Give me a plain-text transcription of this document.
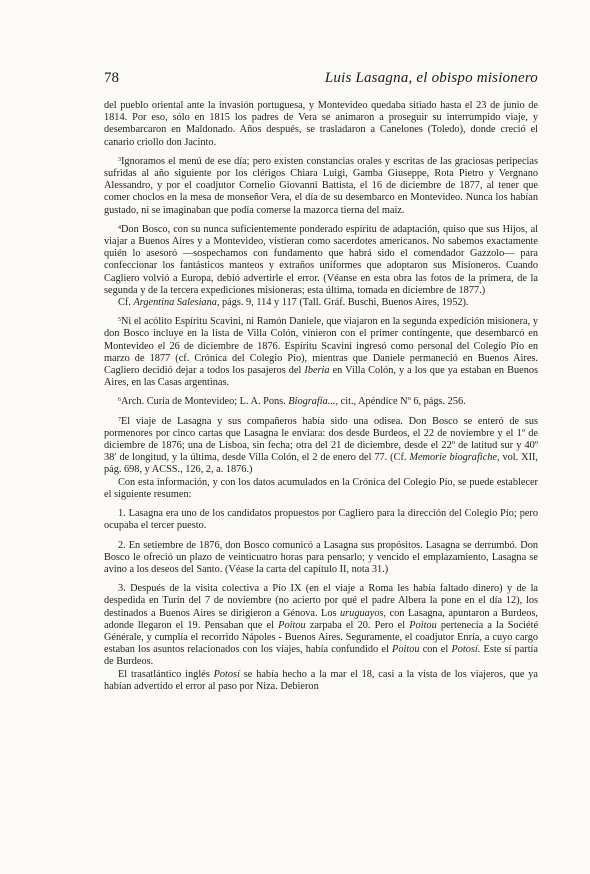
78	Luis Lasagna, el obispo misionero

del pueblo oriental ante la invasión portuguesa, y Montevideo quedaba sitiado hasta el 23 de junio de 1814. Por eso, sólo en 1815 los padres de Vera se animaron a proseguir su interrumpido viaje, y desembarcaron en Maldonado. Años después, se trasladaron a Canelones (Toledo), donde creció el canario criollo don Jacinto.

$^3$Ignoramos el menú de ese día; pero existen constancias orales y escritas de las graciosas peripecias sufridas al año siguiente por los clérigos Chiara Luigi, Gamba Giuseppe, Rota Pietro y Vergnano Alessandro, y por el coadjutor Cornelio Giovanni Battista, el 16 de diciembre de 1877, al tener que comer choclos en la mesa de monseñor Vera, el día de su desembarco en Montevideo. Nunca los habían gustado, ni se imaginaban que podía comerse la mazorca tierna del maíz.

$^4$Don Bosco, con su nunca suficientemente ponderado espíritu de adaptación, quiso que sus Hijos, al viajar a Buenos Aires y a Montevideo, vistieran como sacerdotes americanos. No sabemos exactamente quién lo asesoró —sospechamos con fundamento que habrá sido el comendador Gazzolo— para confeccionar los fantásticos manteos y extraños uniformes que adoptaron sus Misioneros. Cuando Cagliero volvió a Europa, debió advertirle el error. (Véanse en esta obra las fotos de la primera, de la segunda y de la tercera expediciones misioneras; esta última, tomada en diciembre de 1877.)

Cf. Argentina Salesiana, págs. 9, 114 y 117 (Tall. Gráf. Buschi, Buenos Aires, 1952).

$^5$Ni el acólito Espíritu Scavini, ni Ramón Daniele, que viajaron en la segunda expedición misionera, y don Bosco incluye en la lista de Villa Colón, vinieron con el primer contingente, que desembarcó en Montevideo el 26 de diciembre de 1876. Espíritu Scavini ingresó como personal del Colegio Pío en marzo de 1877 (cf. Crónica del Colegio Pío), mientras que Daniele permaneció en Buenos Aires. Cagliero decidió dejar a todos los pasajeros del Iberia en Villa Colón, y a los que ya estaban en Buenos Aires, en las Casas argentinas.

$^6$Arch. Curia de Montevideo; L. A. Pons. Biografía..., cit., Apéndice Nº 6, págs. 256.

$^7$El viaje de Lasagna y sus compañeros había sido una odisea. Don Bosco se enteró de sus pormenores por cinco cartas que Lasagna le enviara: dos desde Burdeos, el 22 de noviembre y el 1º de diciembre de 1876; una de Lisboa, sin fecha; otra del 21 de diciembre, desde el 22º de latitud sur y 40º 38′ de longitud, y la última, desde Villa Colón, el 2 de enero del 77. (Cf. Memorie biografiche, vol. XII, pág. 698, y ACSS., 126, 2, a. 1876.)

Con esta información, y con los datos acumulados en la Crónica del Colegio Pío, se puede establecer el siguiente resumen:

1. Lasagna era uno de los candidatos propuestos por Cagliero para la dirección del Colegio Pío; pero ocupaba el tercer puesto.

2. En setiembre de 1876, don Bosco comunicó a Lasagna sus propósitos. Lasagna se derrumbó. Don Bosco le ofreció un plazo de veinticuatro horas para pensarlo; y vencido el emplazamiento, Lasagna se avino a los deseos del Santo. (Véase la carta del capítulo II, nota 31.)

3. Después de la visita colectiva a Pío IX (en el viaje a Roma les había faltado dinero) y de la despedida en Turín del 7 de noviembre (no acierto por qué el padre Albera la pone en el día 12), los destinados a Buenos Aires se dirigieron a Génova. Los uruguayos, con Lasagna, apuntaron a Burdeos, adonde llegaron el 19. Pensaban que el Poitou zarpaba el 20. Pero el Poitou pertenecía a la Société Générale, y cumplía el recorrido Nápoles - Buenos Aires. Seguramente, el coadjutor Enría, a cuyo cargo estaban los asuntos relacionados con los viajes, había confundido el Poitou con el Potosí. Este sí partía de Burdeos.

El trasatlántico inglés Potosí se había hecho a la mar el 18, casi a la vista de los viajeros, que ya habían advertido el error al paso por Niza. Debieron
